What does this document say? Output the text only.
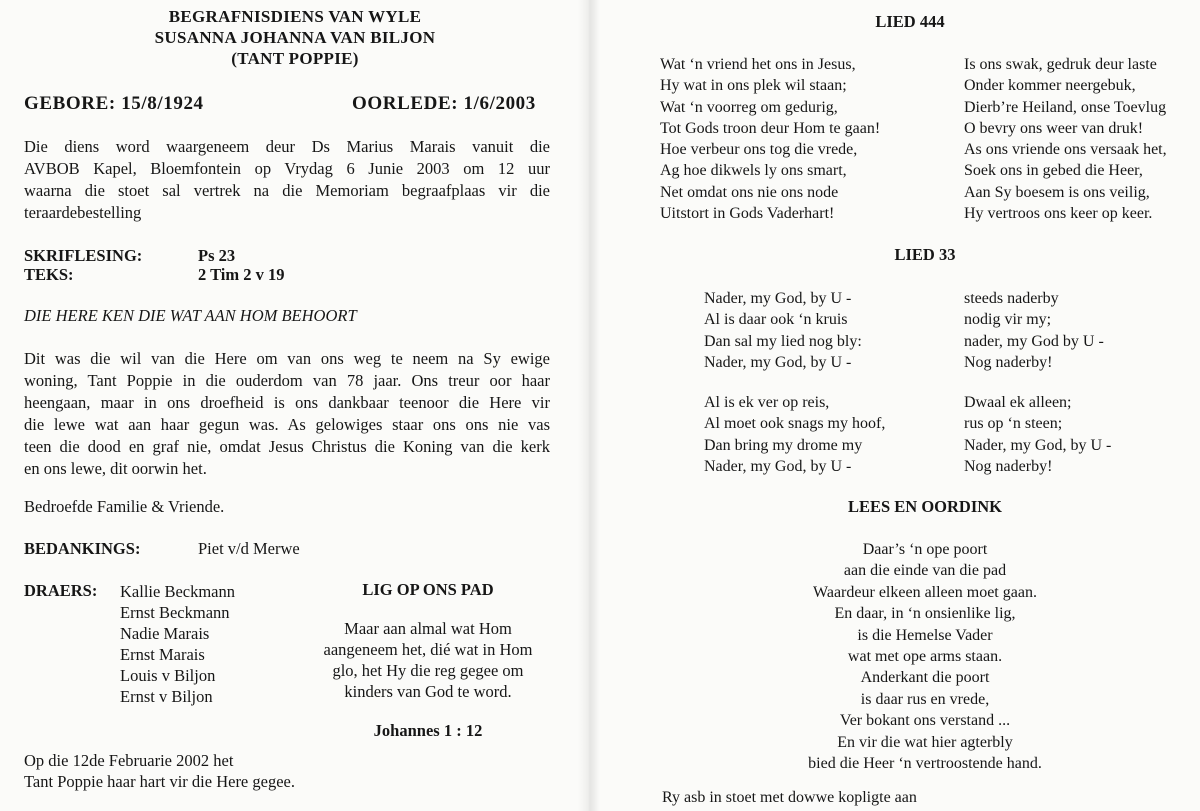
BEGRAFNISDIENS VAN WYLE
SUSANNA JOHANNA VAN BILJON
(TANT POPPIE)
GEBORE: 15/8/1924	OORLEDE: 1/6/2003
Die diens word waargeneem deur Ds Marius Marais vanuit die
AVBOB Kapel, Bloemfontein op Vrydag 6 Junie 2003 om 12 uur
waarna die stoet sal vertrek na die Memoriam begraafplaas vir die
teraardebestelling
SKRIFLESING:	Ps 23
TEKS:	2 Tim 2 v 19
DIE HERE KEN DIE WAT AAN HOM BEHOORT
Dit was die wil van die Here om van ons weg te neem na Sy ewige
woning, Tant Poppie in die ouderdom van 78 jaar. Ons treur oor haar
heengaan, maar in ons droefheid is ons dankbaar teenoor die Here vir
die lewe wat aan haar gegun was. As gelowiges staar ons ons nie vas
teen die dood en graf nie, omdat Jesus Christus die Koning van die kerk
en ons lewe, dit oorwin het.
Bedroefde Familie & Vriende.
BEDANKINGS:	Piet v/d Merwe
DRAERS: Kallie Beckmann
Ernst Beckmann
Nadie Marais
Ernst Marais
Louis v Biljon
Ernst v Biljon
LIG OP ONS PAD
Maar aan almal wat Hom
aangeneem het, dié wat in Hom
glo, het Hy die reg gegee om
kinders van God te word.
Johannes 1 : 12
Op die 12de Februarie 2002 het
Tant Poppie haar hart vir die Here gegee.
LIED 444
Wat ‘n vriend het ons in Jesus,
Hy wat in ons plek wil staan;
Wat ‘n voorreg om gedurig,
Tot Gods troon deur Hom te gaan!
Hoe verbeur ons tog die vrede,
Ag hoe dikwels ly ons smart,
Net omdat ons nie ons node
Uitstort in Gods Vaderhart!
Is ons swak, gedruk deur laste
Onder kommer neergebuk,
Dierb’re Heiland, onse Toevlug
O bevry ons weer van druk!
As ons vriende ons versaak het,
Soek ons in gebed die Heer,
Aan Sy boesem is ons veilig,
Hy vertroos ons keer op keer.
LIED 33
Nader, my God, by U -
Al is daar ook ‘n kruis
Dan sal my lied nog bly:
Nader, my God, by U -
steeds naderby
nodig vir my;
nader, my God by U -
Nog naderby!
Al is ek ver op reis,
Al moet ook snags my hoof,
Dan bring my drome my
Nader, my God, by U -
Dwaal ek alleen;
rus op ‘n steen;
Nader, my God, by U -
Nog naderby!
LEES EN OORDINK
Daar’s ‘n ope poort
aan die einde van die pad
Waardeur elkeen alleen moet gaan.
En daar, in ‘n onsienlike lig,
is die Hemelse Vader
wat met ope arms staan.
Anderkant die poort
is daar rus en vrede,
Ver bokant ons verstand ...
En vir die wat hier agterbly
bied die Heer ‘n vertroostende hand.
Ry asb in stoet met dowwe kopligte aan
